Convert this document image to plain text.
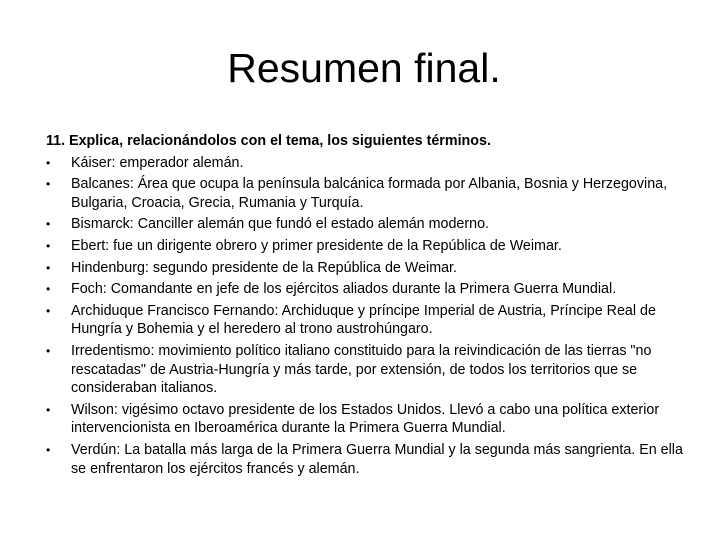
Resumen final.
11. Explica, relacionándolos con el tema, los siguientes términos.
•	Káiser: emperador alemán.
•	Balcanes: Área que ocupa la península balcánica formada por Albania, Bosnia y Herzegovina, Bulgaria, Croacia, Grecia, Rumania y Turquía.
•	Bismarck: Canciller alemán que fundó el estado alemán moderno.
•	Ebert: fue un dirigente obrero y primer presidente de la República de Weimar.
•	Hindenburg: segundo presidente de la República de Weimar.
•	Foch: Comandante en jefe de los ejércitos aliados durante la Primera Guerra Mundial.
•	Archiduque Francisco Fernando: Archiduque y príncipe Imperial de Austria, Príncipe Real de Hungría y Bohemia y el heredero al trono austrohúngaro.
•	Irredentismo: movimiento político italiano constituido para la reivindicación de las tierras "no rescatadas" de Austria-Hungría y más tarde, por extensión, de todos los territorios que se consideraban italianos.
•	Wilson: vigésimo octavo presidente de los Estados Unidos. Llevó a cabo una política exterior intervencionista en Iberoamérica durante la Primera Guerra Mundial.
•	Verdún: La batalla más larga de la Primera Guerra Mundial y la segunda más sangrienta. En ella se enfrentaron los ejércitos francés y alemán.
